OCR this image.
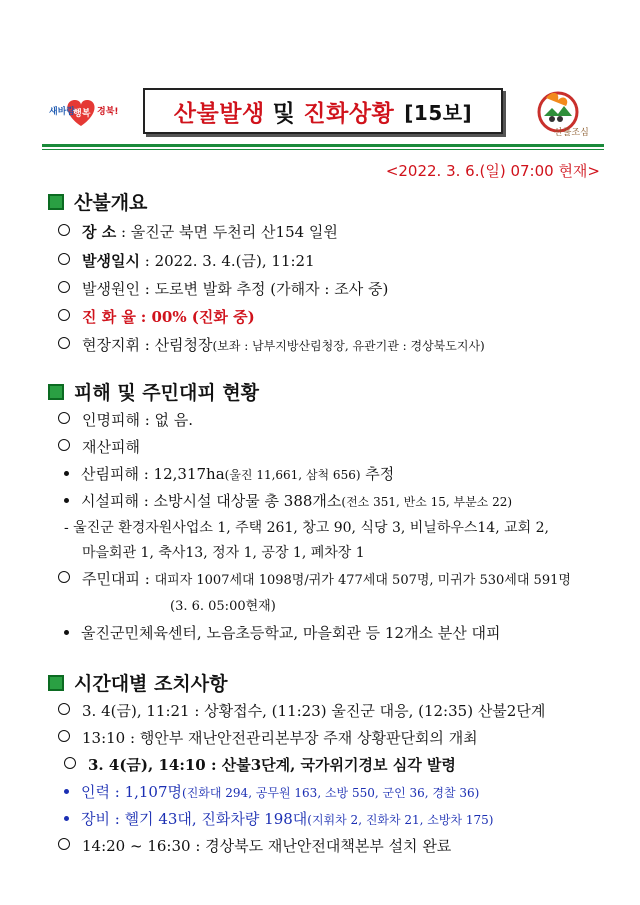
새바람
행복 경북! 산불발생 및 진화상황 [15보]
산불조심
<2022. 3. 6.(일) 07:00 현재>
산불개요
장 소 : 울진군 북면 두천리 산154 일원
발생일시 : 2022. 3. 4.(금), 11:21
발생원인 : 도로변 발화 추정 (가해자 : 조사 중)
진 화 율 : 00% (진화 중)
현장지휘 : 산림청장(보좌 : 남부지방산림청장, 유관기관 : 경상북도지사)
피해 및 주민대피 현황
인명피해 : 없 음.
재산피해
산림피해 : 12,317ha(울진 11,661, 삼척 656) 추정
시설피해 : 소방시설 대상물 총 388개소(전소 351, 반소 15, 부분소 22)
- 울진군 환경자원사업소 1, 주택 261, 창고 90, 식당 3, 비닐하우스14, 교회 2,
마을회관 1, 축사13, 정자 1, 공장 1, 폐차장 1
주민대피 : 대피자 1007세대 1098명/귀가 477세대 507명, 미귀가 530세대 591명
(3. 6. 05:00현재)
울진군민체육센터, 노음초등학교, 마을회관 등 12개소 분산 대피
시간대별 조치사항
3. 4(금), 11:21 : 상황접수, (11:23) 울진군 대응, (12:35) 산불2단계
13:10 : 행안부 재난안전관리본부장 주재 상황판단회의 개최
3. 4(금), 14:10 : 산불3단계, 국가위기경보 심각 발령
인력 : 1,107명(진화대 294, 공무원 163, 소방 550, 군인 36, 경찰 36)
장비 : 헬기 43대, 진화차량 198대(지휘차 2, 진화차 21, 소방차 175)
14:20 ~ 16:30 : 경상북도 재난안전대책본부 설치 완료
